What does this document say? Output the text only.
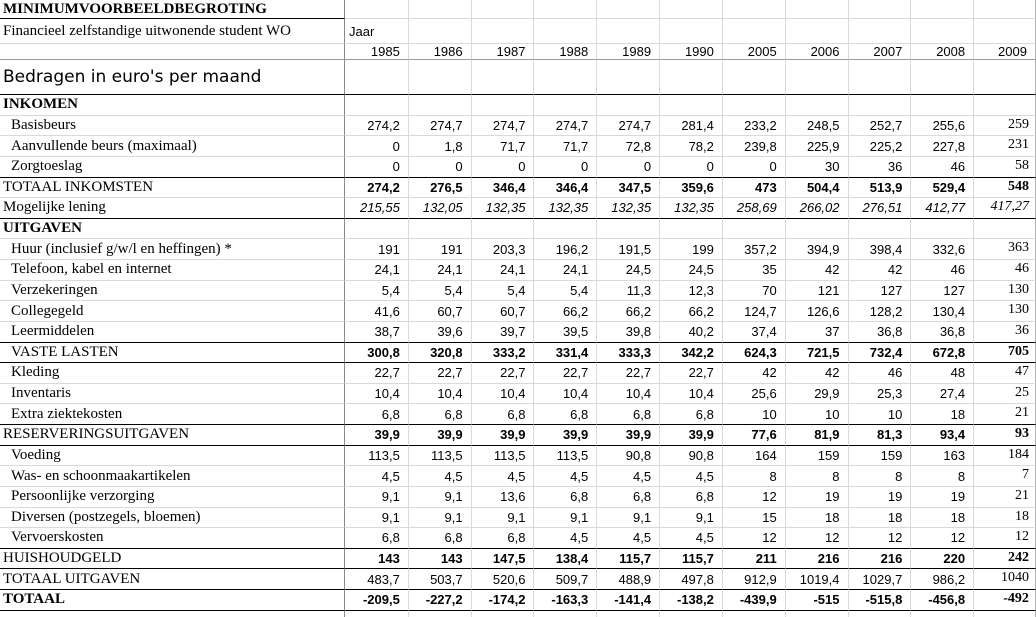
MINIMUMVOORBEELDBEGROTING
Financieel zelfstandige uitwonende student WO	Jaar
1985	1986	1987	1988	1989	1990	2005	2006	2007	2008	2009
Bedragen in euro's per maand
INKOMEN
Basisbeurs	274,2	274,7	274,7	274,7	274,7	281,4	233,2	248,5	252,7	255,6	259
Aanvullende beurs (maximaal)	0	1,8	71,7	71,7	72,8	78,2	239,8	225,9	225,2	227,8	231
Zorgtoeslag	0	0	0	0	0	0	0	30	36	46	58
TOTAAL INKOMSTEN	274,2	276,5	346,4	346,4	347,5	359,6	473	504,4	513,9	529,4	548
Mogelijke lening	215,55	132,05	132,35	132,35	132,35	132,35	258,69	266,02	276,51	412,77	417,27
UITGAVEN
Huur (inclusief g/w/l en heffingen) *	191	191	203,3	196,2	191,5	199	357,2	394,9	398,4	332,6	363
Telefoon, kabel en internet	24,1	24,1	24,1	24,1	24,5	24,5	35	42	42	46	46
Verzekeringen	5,4	5,4	5,4	5,4	11,3	12,3	70	121	127	127	130
Collegegeld	41,6	60,7	60,7	66,2	66,2	66,2	124,7	126,6	128,2	130,4	130
Leermiddelen	38,7	39,6	39,7	39,5	39,8	40,2	37,4	37	36,8	36,8	36
VASTE LASTEN	300,8	320,8	333,2	331,4	333,3	342,2	624,3	721,5	732,4	672,8	705
Kleding	22,7	22,7	22,7	22,7	22,7	22,7	42	42	46	48	47
Inventaris	10,4	10,4	10,4	10,4	10,4	10,4	25,6	29,9	25,3	27,4	25
Extra ziektekosten	6,8	6,8	6,8	6,8	6,8	6,8	10	10	10	18	21
RESERVERINGSUITGAVEN	39,9	39,9	39,9	39,9	39,9	39,9	77,6	81,9	81,3	93,4	93
Voeding	113,5	113,5	113,5	113,5	90,8	90,8	164	159	159	163	184
Was- en schoonmaakartikelen	4,5	4,5	4,5	4,5	4,5	4,5	8	8	8	8	7
Persoonlijke verzorging	9,1	9,1	13,6	6,8	6,8	6,8	12	19	19	19	21
Diversen (postzegels, bloemen)	9,1	9,1	9,1	9,1	9,1	9,1	15	18	18	18	18
Vervoerskosten	6,8	6,8	6,8	4,5	4,5	4,5	12	12	12	12	12
HUISHOUDGELD	143	143	147,5	138,4	115,7	115,7	211	216	216	220	242
TOTAAL UITGAVEN	483,7	503,7	520,6	509,7	488,9	497,8	912,9	1019,4	1029,7	986,2	1040
TOTAAL	-209,5	-227,2	-174,2	-163,3	-141,4	-138,2	-439,9	-515	-515,8	-456,8	-492
